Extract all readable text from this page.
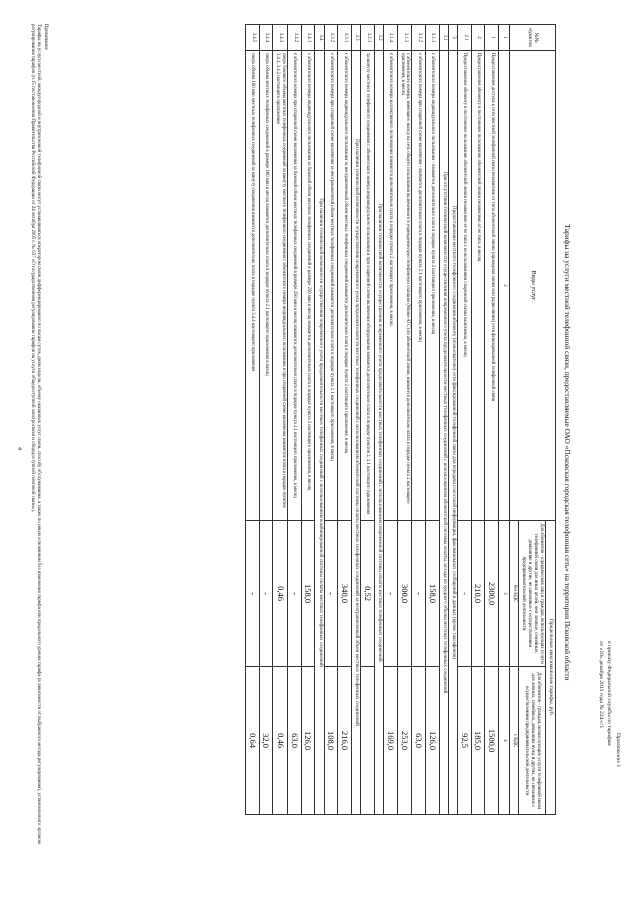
Приложение 1
к приказу Федеральной службы по тарифам
от «10» декабря 2013 года № 224-с/1
Тарифы на услуги местной телефонной связи, предоставляемые ОАО «Псковская городская телефонная сеть» на территории Псковской области
№№ пунктов	Виды услуг	Предельные максимальные тарифы, руб.	
		Для абонентов - юридических лиц и граждан, использующих услуги телефонной связи для иных целей, чем личные, семейные, домашние и другие, не связанные с осуществлением предпринимательской деятельности	Для абонентов - граждан, использующих услуги телефонной связи для личных, семейных, домашних нужд и других, не связанных с осуществлением предпринимательской деятельности
		без НДС	с НДС
1	2	3	4
1	Предоставление доступа к сети местной телефонной связи независимо от типа абонентской линии (проводная линия или радиолиния) сети фиксированной телефонной связи	2300,0	1500,0
2	Предоставление абоненту в постоянное пользование абонентской линии независимо от ее типа, в месяц	210,0	185,0
2.1	Предоставление абоненту в постоянное пользование абонентской линии независимо от ее типа с использованием спаренной схемы включения, в месяц	-	92,5
3	Предоставление местного телефонного соединения абоненту (пользователю) сети фиксированной телефонной связи для передачи голосовой информации, факсимильных сообщений и данных (кроме таксофонов)		
3.1	При отсутствии технической возможности осуществления повременного учета продолжительности местных телефонных соединений с использованием абонентской системы оплаты, исходя из среднего объема местных телефонных соединений		
3.1.1	с абонентского номера индивидуального пользования - взимается дополнительно плата в порядке пункта 2 настоящего приложения, в месяц	158,0	126,0
3.1.2	с абонентского номера при спаренной схеме включения - взимается дополнительно плата в порядке пункта 2.1 настоящего приложения, в месяц	-	63,0
3.1.3	с абонентского номера, имеющего выход на сеть общего пользования включенного в учрежденческую телефонную станцию (Мини-АТС) по абонентской линии, взимается дополнительно плата в порядке пункта 2 настоящего приложения, в месяц	300,0	253,0
3.1.4	с абонентского номера коллективного пользования взимается дополнительно плата в порядке пункта 2 настоящего приложения, в месяц	-	169,0
3.2	При наличии технической возможности осуществления повременного учета продолжительности местных телефонных соединений с использованием повременной системы оплаты местных телефонных соединений		
3.2.1	за минуту местного телефонного соединения с абонентского номера индивидуального пользования и при спаренной схеме включения оборудования взимается дополнительно плата в порядке пунктов 2, 2.1 настоящего приложения	0,52	
3.3	При наличии технической возможности осуществления повременного учета продолжительности местных телефонных соединений с использованием абонентской системы оплаты местных телефонных соединений за неограниченный объем местных телефонных соединений		
3.3.1	с абонентского номера индивидуального пользования за неограниченный объем местных телефонных соединений взимается дополнительно плата в порядке пункта 2 настоящего приложения, в месяц	340,0	216,0
3.3.2	с абонентского номера при спаренной схеме включения за неограниченный объем местных телефонных соединений взимается дополнительно плата в порядке пункта 2.1 настоящего приложения, в месяц	-	108,0
3.4	При наличии технической возможности осуществления повременного учета продолжительности местных телефонных соединений с использованием комбинированной системы оплаты местных телефонных соединений		
3.4.1	с абонентского номера индивидуального пользования за базовый объем местных телефонных соединений в размере 250 мин в месяц взимается дополнительно плата в порядке пункта 2 настоящего приложения, в месяц	158,0	126,0
3.4.2	с абонентского номера при спаренной схеме включения за базовый объем местных телефонных соединений в размере 250 мин в месяц взимается дополнительно плата в порядке пункта 2.1 настоящего приложения, в месяц	-	63,0
3.4.3	сверх базового объема местных телефонных соединений за минуту местного телефонного соединения с абонентского номера индивидуального пользования и при спаренной схеме включения взимается плата в порядке пунктов 3.4.1, 3.4.2 настоящего приложения	0,46	0,46
3.4.4	сверх объема местных телефонных соединений в размере 100 мин в месяц взимается дополнительно плата в порядке пункта 2.1 настоящего приложения в месяц	-	32,0
3.4.5	сверх объема 100 мин местных телефонных соединений за минуту соединения взимается дополнительно плата в порядке пункта 3.4.4 настоящего приложения	-	0,64
Примечание
Тарифы на услуги местной, междугородной и внутризоновой телефонной связи могут устанавливаться оператором связи дифференцированно по часам суток, дням недели, объему оказанных услуг связи, способу обслуживания, а также по иным основаниям без изменения тарифа или предельного уровня тарифа (в зависимости от выбранного метода регулирования), установленного органом регулирования тарифов (п.15 постановления Правительства Российской Федерации от 24 октября 2005 г. № 637 «О государственном регулировании тарифов на услуги общедоступной электросвязи и общедоступной почтовой связи»).
4
